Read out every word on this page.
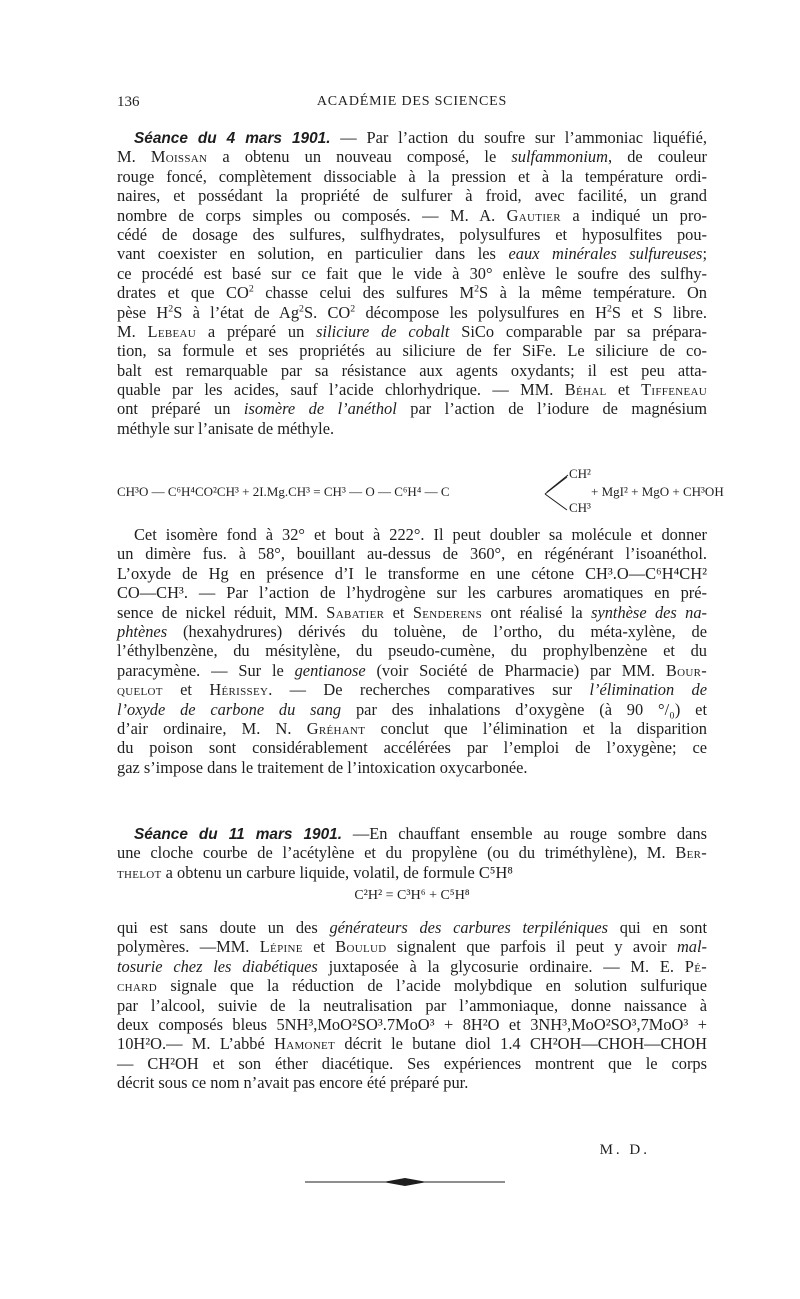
136	ACADÉMIE DES SCIENCES
Séance du 4 mars 1901. — Par l’action du soufre sur l’ammoniac liquéfié,
M. Moissan a obtenu un nouveau composé, le sulfammonium, de couleur
rouge foncé, complètement dissociable à la pression et à la température ordi-
naires, et possédant la propriété de sulfurer à froid, avec facilité, un grand
nombre de corps simples ou composés. — M. A. Gautier a indiqué un pro-
cédé de dosage des sulfures, sulfhydrates, polysulfures et hyposulfites pou-
vant coexister en solution, en particulier dans les eaux minérales sulfureuses;
ce procédé est basé sur ce fait que le vide à 30° enlève le soufre des sulfhy-
drates et que $CO^2$ chasse celui des sulfures $M^2S$ à la même température. On
pèse $H^2S$ à l’état de Ag$^2$S. $CO^2$ décompose les polysulfures en $H^2S$ et S libre.
M. Lebeau a préparé un siliciure de cobalt SiCo comparable par sa prépara-
tion, sa formule et ses propriétés au siliciure de fer SiFe. Le siliciure de co-
balt est remarquable par sa résistance aux agents oxydants; il est peu atta-
quable par les acides, sauf l’acide chlorhydrique. — MM. Béhal et Tiffeneau
ont préparé un isomère de l’anéthol par l’action de l’iodure de magnésium
méthyle sur l’anisate de méthyle.
CH³O — C⁶H⁴CO²CH³ + 2I.Mg.CH³ = CH³ — O — C⁶H⁴ — C
CH²
CH³
+ MgI² + MgO + CH³OH
Cet isomère fond à 32° et bout à 222°. Il peut doubler sa molécule et donner
un dimère fus. à 58°, bouillant au-dessus de 360°, en régénérant l’isoanéthol.
L’oxyde de Hg en présence d’I le transforme en une cétone CH³.O—C⁶H⁴CH²
CO—CH³. — Par l’action de l’hydrogène sur les carbures aromatiques en pré-
sence de nickel réduit, MM. Sabatier et Senderens ont réalisé la synthèse des na-
phtènes (hexahydrures) dérivés du toluène, de l’ortho, du méta-xylène, de
l’éthylbenzène, du mésitylène, du pseudo-cumène, du prophylbenzène et du
paracymène. — Sur le gentianose (voir Société de Pharmacie) par MM. Bour-
quelot et Hérissey. — De recherches comparatives sur l’élimination de
l’oxyde de carbone du sang par des inhalations d’oxygène (à 90 °/₀) et
d’air ordinaire, M. N. Gréhant conclut que l’élimination et la disparition
du poison sont considérablement accélérées par l’emploi de l’oxygène; ce
gaz s’impose dans le traitement de l’intoxication oxycarbonée.
Séance du 11 mars 1901. —En chauffant ensemble au rouge sombre dans
une cloche courbe de l’acétylène et du propylène (ou du triméthylène), M. Ber-
thelot a obtenu un carbure liquide, volatil, de formule C⁵H⁸
C²H² = C³H⁶ + C⁵H⁸
qui est sans doute un des générateurs des carbures terpiléniques qui en sont
polymères. —MM. Lépine et Boulud signalent que parfois il peut y avoir mal-
tosurie chez les diabétiques juxtaposée à la glycosurie ordinaire. — M. E. Pé-
chard signale que la réduction de l’acide molybdique en solution sulfurique
par l’alcool, suivie de la neutralisation par l’ammoniaque, donne naissance à
deux composés bleus 5NH³,MoO²SO³.7MoO³ + 8H²O et 3NH³,MoO²SO³,7MoO³ +
10H²O.— M. L’abbé Hamonet décrit le butane diol 1.4 CH²OH—CHOH—CHOH
— CH²OH et son éther diacétique. Ses expériences montrent que le corps
décrit sous ce nom n’avait pas encore été préparé pur.
M. D.
